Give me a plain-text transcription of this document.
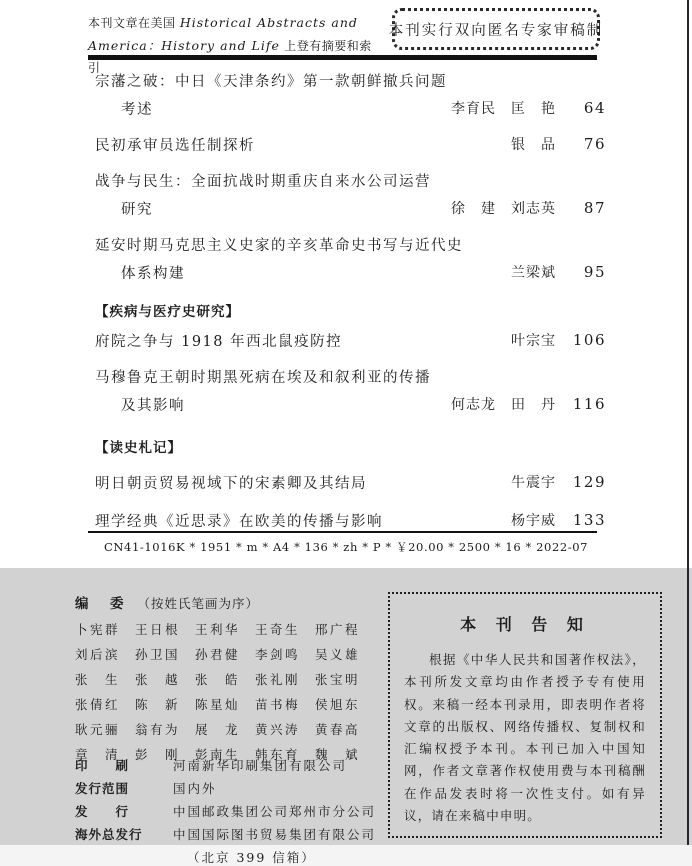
本刊文章在美国 Historical Abstracts and
America：History and Life 上登有摘要和索引
本刊实行双向匿名专家审稿制
宗藩之破：中日《天津条约》第一款朝鲜撤兵问题
考述	李育民　匡　艳	64
民初承审员选任制探析	银　品	76
战争与民生：全面抗战时期重庆自来水公司运营
研究	徐　建　刘志英	87
延安时期马克思主义史家的辛亥革命史书写与近代史
体系构建	兰梁斌	95
【疾病与医疗史研究】
府院之争与 1918 年西北鼠疫防控	叶宗宝 106
马穆鲁克王朝时期黑死病在埃及和叙利亚的传播
及其影响	何志龙　田　丹 116
【读史札记】
明日朝贡贸易视域下的宋素卿及其结局	牛震宇 129
理学经典《近思录》在欧美的传播与影响	杨宇威 133
CN41-1016K * 1951 * m * A4 * 136 * zh * P * ￥20.00 * 2500 * 16 * 2022-07
编　委 （按姓氏笔画为序）
卜宪群	王日根	王利华	王奇生	邢广程
刘后滨	孙卫国	孙君健	李剑鸣	吴义雄
张　生	张　越	张　皓	张礼刚	张宝明
张倩红	陈　新	陈星灿	苗书梅	侯旭东
耿元骊	翁有为	展　龙	黄兴涛	黄春高
章　清	彭　刚	彭南生	韩东育	魏　斌
印　　刷	河南新华印刷集团有限公司
发行范围	国内外
发　　行	中国邮政集团公司郑州市分公司
海外总发行	中国国际图书贸易集团有限公司
（北京 399 信箱）
本 刊 告 知
根据《中华人民共和国著作权法》，本刊所发文章均由作者授予专有使用权。来稿一经本刊录用，即表明作者将文章的出版权、网络传播权、复制权和汇编权授予本刊。本刊已加入中国知网，作者文章著作权使用费与本刊稿酬在作品发表时将一次性支付。如有异议，请在来稿中申明。
